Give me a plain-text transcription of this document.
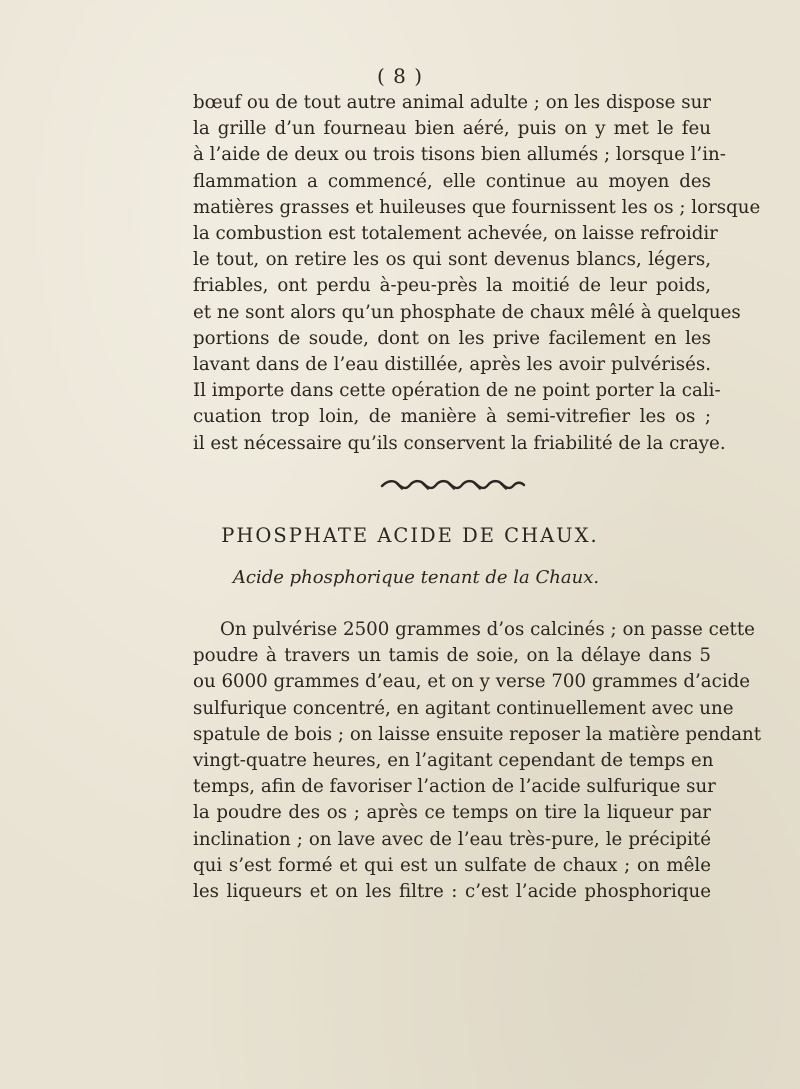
( 8 )
bœuf ou de tout autre animal adulte ; on les dispose sur
la grille d’un fourneau bien aéré, puis on y met le feu
à l’aide de deux ou trois tisons bien allumés ; lorsque l’in-
flammation a commencé, elle continue au moyen des
matières grasses et huileuses que fournissent les os ; lorsque
la combustion est totalement achevée, on laisse refroidir
le tout, on retire les os qui sont devenus blancs, légers,
friables, ont perdu à-peu-près la moitié de leur poids,
et ne sont alors qu’un phosphate de chaux mêlé à quelques
portions de soude, dont on les prive facilement en les
lavant dans de l’eau distillée, après les avoir pulvérisés.
Il importe dans cette opération de ne point porter la cali-
cuation trop loin, de manière à semi-vitrefier les os ;
il est nécessaire qu’ils conservent la friabilité de la craye.
PHOSPHATE ACIDE DE CHAUX.
Acide phosphorique tenant de la Chaux.
On pulvérise 2500 grammes d’os calcinés ; on passe cette
poudre à travers un tamis de soie, on la délaye dans 5
ou 6000 grammes d’eau, et on y verse 700 grammes d’acide
sulfurique concentré, en agitant continuellement avec une
spatule de bois ; on laisse ensuite reposer la matière pendant
vingt-quatre heures, en l’agitant cependant de temps en
temps, afin de favoriser l’action de l’acide sulfurique sur
la poudre des os ; après ce temps on tire la liqueur par
inclination ; on lave avec de l’eau très-pure, le précipité
qui s’est formé et qui est un sulfate de chaux ; on mêle
les liqueurs et on les filtre : c’est l’acide phosphorique
